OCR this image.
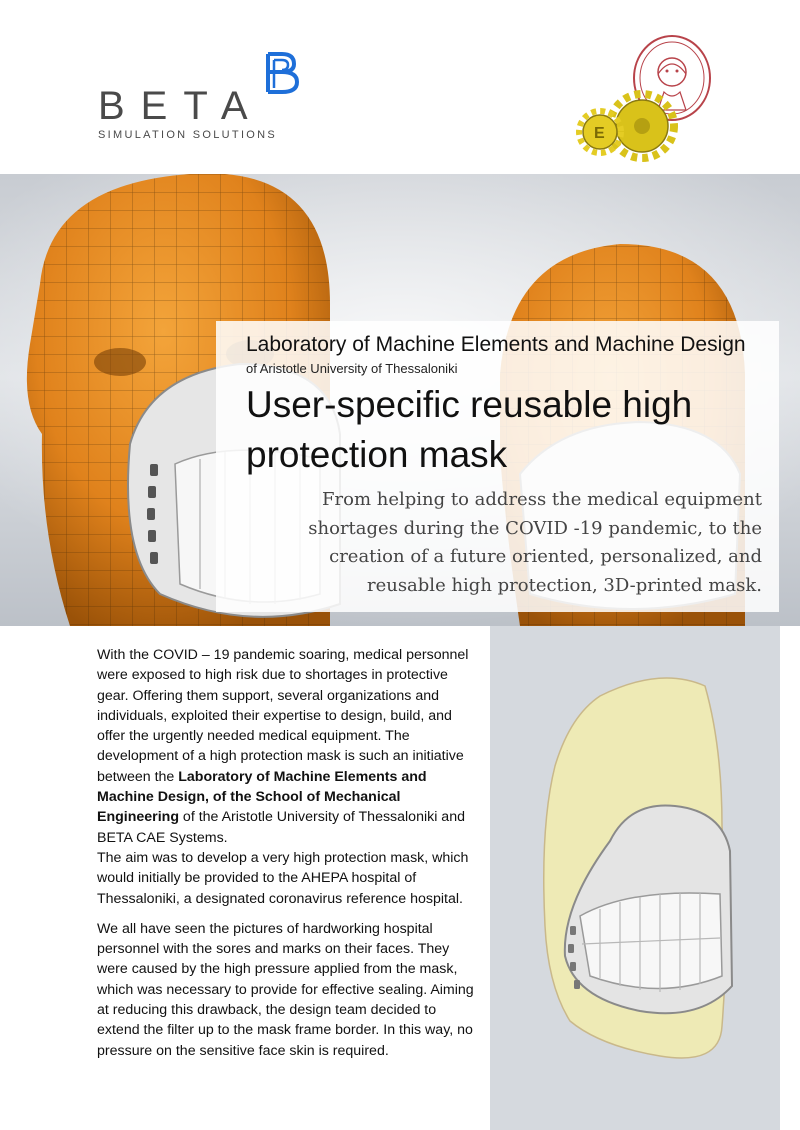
BETA
SIMULATION SOLUTIONS	E
Laboratory of Machine Elements and Machine Design
of Aristotle University of Thessaloniki
User-specific reusable high protection mask
From helping to address the medical equipment shortages during the COVID -19 pandemic, to the creation of a future oriented, personalized, and reusable high protection, 3D-printed mask.

With the COVID – 19 pandemic soaring, medical personnel were exposed to high risk due to shortages in protective gear. Offering them support, several organizations and individuals, exploited their expertise to design, build, and offer the urgently needed medical equipment. The development of a high protection mask is such an initiative between the Laboratory of Machine Elements and Machine Design, of the School of Mechanical Engineering of the Aristotle University of Thessaloniki and BETA CAE Systems.
The aim was to develop a very high protection mask, which would initially be provided to the AHEPA hospital of Thessaloniki, a designated coronavirus reference hospital.

We all have seen the pictures of hardworking hospital personnel with the sores and marks on their faces. They were caused by the high pressure applied from the mask, which was necessary to provide for effective sealing. Aiming at reducing this drawback, the design team decided to extend the filter up to the mask frame border. In this way, no pressure on the sensitive face skin is required.
